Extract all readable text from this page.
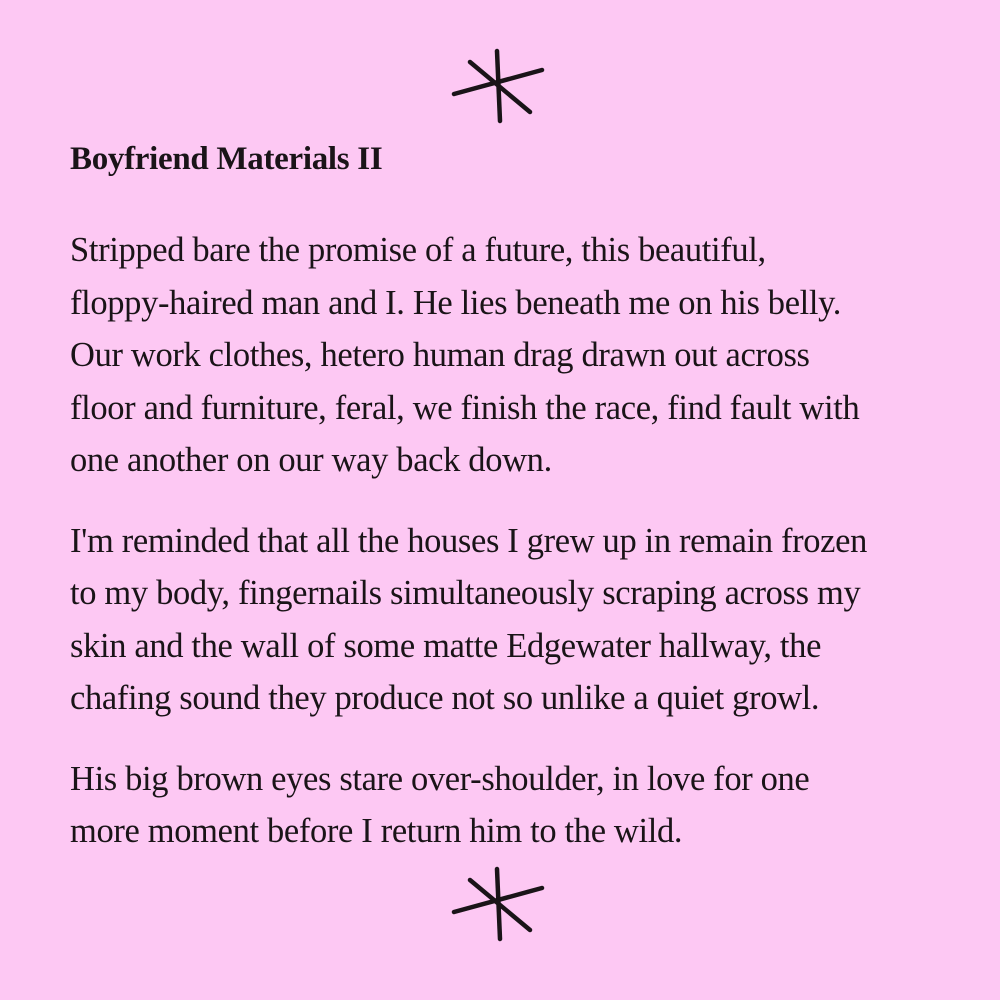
Boyfriend Materials II

Stripped bare the promise of a future, this beautiful,
floppy-haired man and I. He lies beneath me on his belly.
Our work clothes, hetero human drag drawn out across
floor and furniture, feral, we finish the race, find fault with
one another on our way back down.

I'm reminded that all the houses I grew up in remain frozen
to my body, fingernails simultaneously scraping across my
skin and the wall of some matte Edgewater hallway, the
chafing sound they produce not so unlike a quiet growl.

His big brown eyes stare over-shoulder, in love for one
more moment before I return him to the wild.
